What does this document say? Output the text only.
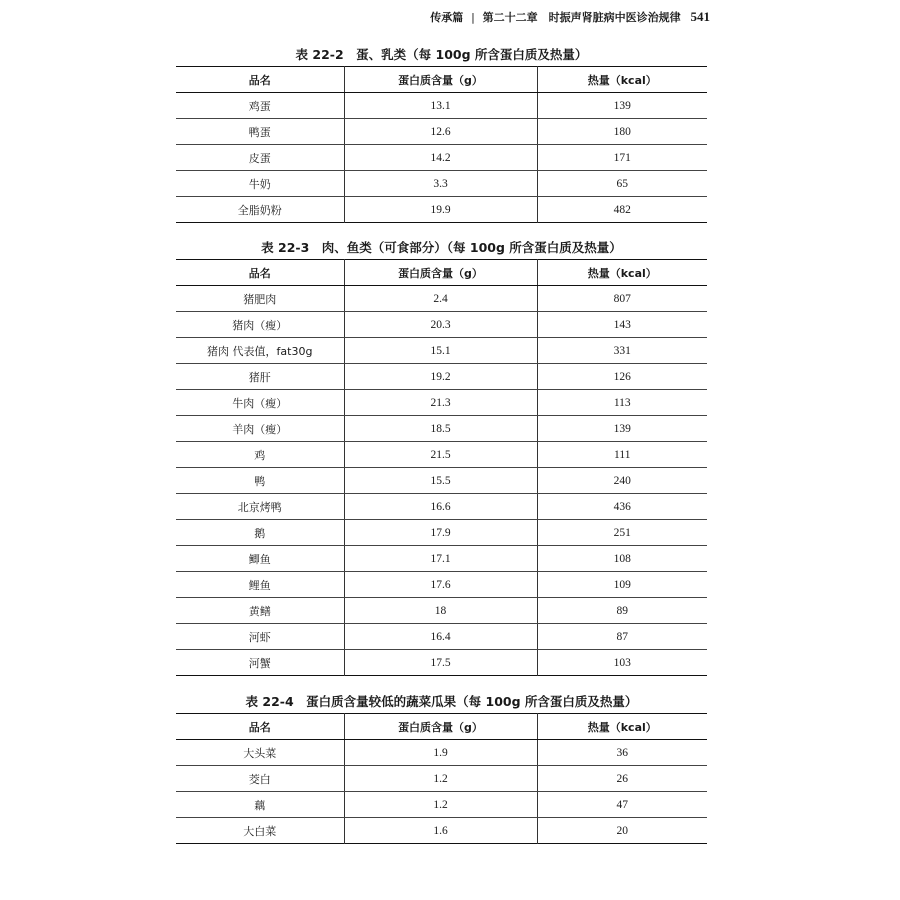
传承篇 | 第二十二章　时振声肾脏病中医诊治规律 541
表 22-2　蛋、乳类（每 100g 所含蛋白质及热量）
品名	蛋白质含量（g）	热量（kcal）
鸡蛋	13.1	139
鸭蛋	12.6	180
皮蛋	14.2	171
牛奶	3.3	65
全脂奶粉	19.9	482
表 22-3　肉、鱼类（可食部分）（每 100g 所含蛋白质及热量）
品名	蛋白质含量（g）	热量（kcal）
猪肥肉	2.4	807
猪肉（瘦）	20.3	143
猪肉 代表值，fat30g	15.1	331
猪肝	19.2	126
牛肉（瘦）	21.3	113
羊肉（瘦）	18.5	139
鸡	21.5	111
鸭	15.5	240
北京烤鸭	16.6	436
鹅	17.9	251
鲫鱼	17.1	108
鲤鱼	17.6	109
黄鳝	18	89
河虾	16.4	87
河蟹	17.5	103
表 22-4　蛋白质含量较低的蔬菜瓜果（每 100g 所含蛋白质及热量）
品名	蛋白质含量（g）	热量（kcal）
大头菜	1.9	36
茭白	1.2	26
藕	1.2	47
大白菜	1.6	20
